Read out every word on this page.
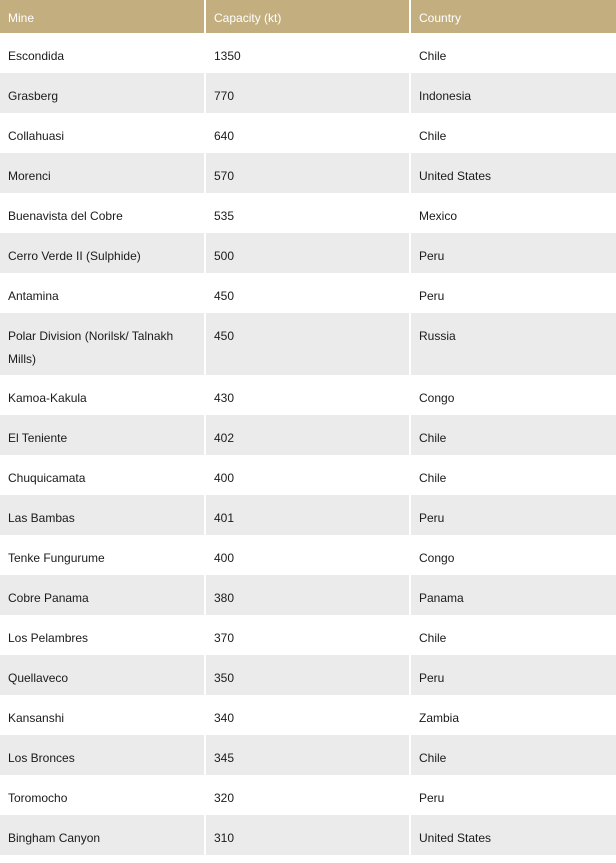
Mine	Capacity (kt)	Country
Escondida	1350	Chile
Grasberg	770	Indonesia
Collahuasi	640	Chile
Morenci	570	United States
Buenavista del Cobre	535	Mexico
Cerro Verde II (Sulphide)	500	Peru
Antamina	450	Peru
Polar Division (Norilsk/ Talnakh Mills)	450	Russia
Kamoa-Kakula	430	Congo
El Teniente	402	Chile
Chuquicamata	400	Chile
Las Bambas	401	Peru
Tenke Fungurume	400	Congo
Cobre Panama	380	Panama
Los Pelambres	370	Chile
Quellaveco	350	Peru
Kansanshi	340	Zambia
Los Bronces	345	Chile
Toromocho	320	Peru
Bingham Canyon	310	United States
